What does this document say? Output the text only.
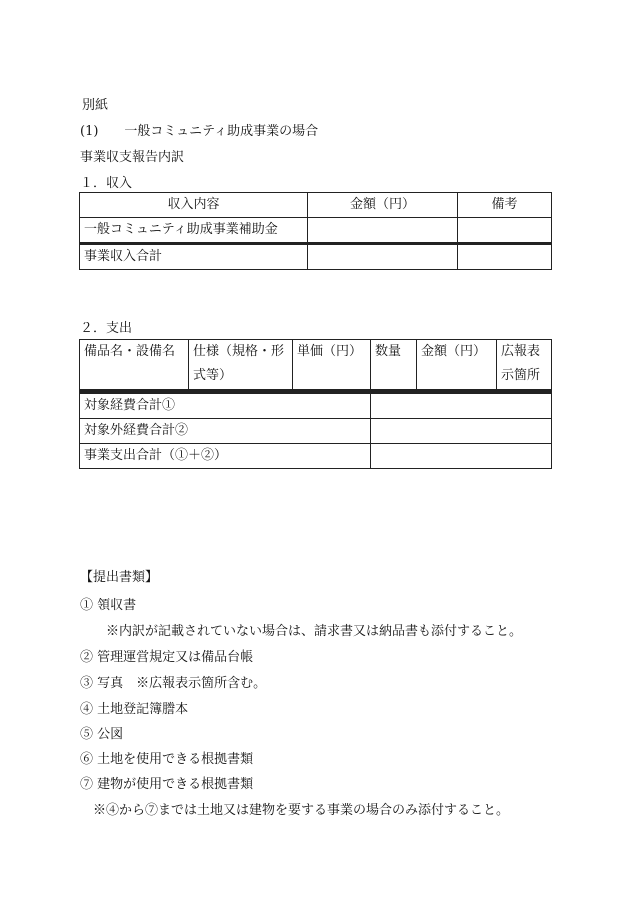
別紙
(1)　　一般コミュニティ助成事業の場合
事業収支報告内訳
１．収入
収入内容	金額（円）	備考
一般コミュニティ助成事業補助金		

事業収入合計		
２．支出
備品名・設備名	仕様（規格・形式等）	単価（円）	数量	金額（円）	広報表示箇所

対象経費合計①					
対象外経費合計②					
事業支出合計（①＋②）					
【提出書類】
① 領収書
　　※内訳が記載されていない場合は、請求書又は納品書も添付すること。
② 管理運営規定又は備品台帳
③ 写真　※広報表示箇所含む。
④ 土地登記簿謄本
⑤ 公図
⑥ 土地を使用できる根拠書類
⑦ 建物が使用できる根拠書類
　※④から⑦までは土地又は建物を要する事業の場合のみ添付すること。
